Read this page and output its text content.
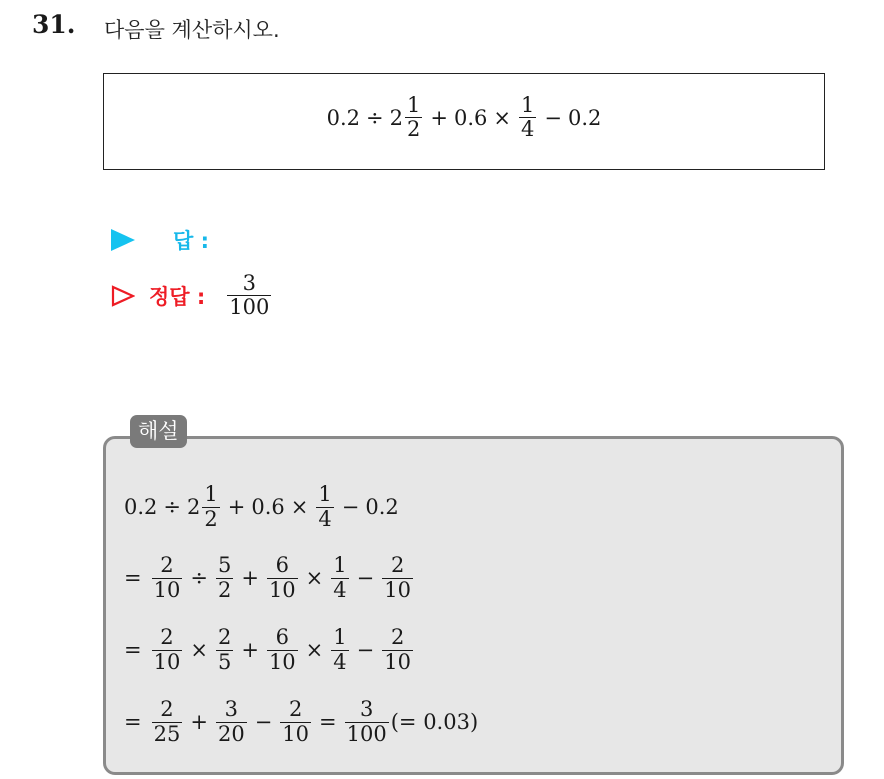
31. 다음을 계산하시오.
$0.2 \div 2 \frac{1}{2} + 0.6 \times \frac{1}{4} - 0.2$
답 :
정답 : $\frac{3}{100}$
해설
$0.2 \div 2 \frac{1}{2} + 0.6 \times \frac{1}{4} - 0.2$
= $\frac{2}{10} \div \frac{5}{2} + \frac{6}{10} \times \frac{1}{4} - \frac{2}{10}$
= $\frac{2}{10} \times \frac{2}{5} + \frac{6}{10} \times \frac{1}{4} - \frac{2}{10}$
= $\frac{2}{25} + \frac{3}{20} - \frac{2}{10} = \frac{3}{100}$ (= 0.03)
